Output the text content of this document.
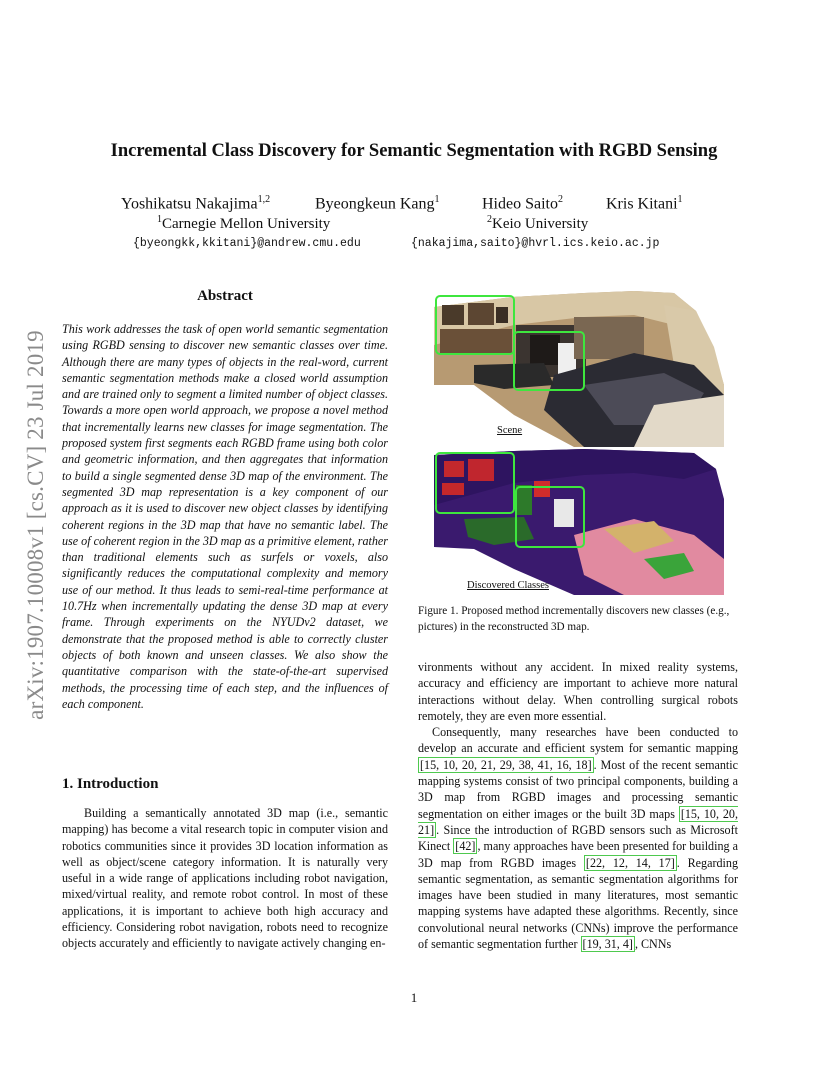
arXiv:1907.10008v1 [cs.CV] 23 Jul 2019
Incremental Class Discovery for Semantic Segmentation with RGBD Sensing
Yoshikatsu Nakajima$^{1,2}$	Byeongkeun Kang$^1$	Hideo Saito$^2$	Kris Kitani$^1$
$^1$Carnegie Mellon University	$^2$Keio University
{byeongkk,kkitani}@andrew.cmu.edu	{nakajima,saito}@hvrl.ics.keio.ac.jp
Abstract
This work addresses the task of open world semantic segmentation using RGBD sensing to discover new semantic classes over time. Although there are many types of objects in the real-word, current semantic segmentation methods make a closed world assumption and are trained only to segment a limited number of object classes. Towards a more open world approach, we propose a novel method that incrementally learns new classes for image segmentation. The proposed system first segments each RGBD frame using both color and geometric information, and then aggregates that information to build a single segmented dense 3D map of the environment. The segmented 3D map representation is a key component of our approach as it is used to discover new object classes by identifying coherent regions in the 3D map that have no semantic label. The use of coherent region in the 3D map as a primitive element, rather than traditional elements such as surfels or voxels, also significantly reduces the computational complexity and memory use of our method. It thus leads to semi-real-time performance at 10.7Hz when incrementally updating the dense 3D map at every frame. Through experiments on the NYUDv2 dataset, we demonstrate that the proposed method is able to correctly cluster objects of both known and unseen classes. We also show the quantitative comparison with the state-of-the-art supervised methods, the processing time of each step, and the influences of each component.
1. Introduction
Building a semantically annotated 3D map (i.e., semantic mapping) has become a vital research topic in computer vision and robotics communities since it provides 3D location information as well as object/scene category information. It is naturally very useful in a wide range of applications including robot navigation, mixed/virtual reality, and remote robot control. In most of these applications, it is important to achieve both high accuracy and efficiency. Considering robot navigation, robots need to recognize objects accurately and efficiently to navigate actively changing en-
Scene
Discovered Classes
Figure 1. Proposed method incrementally discovers new classes (e.g., pictures) in the reconstructed 3D map.

vironments without any accident. In mixed reality systems, accuracy and efficiency are important to achieve more natural interactions without delay. When controlling surgical robots remotely, they are even more essential.

Consequently, many researches have been conducted to develop an accurate and efficient system for semantic mapping [15, 10, 20, 21, 29, 38, 41, 16, 18] . Most of the recent semantic mapping systems consist of two principal components, building a 3D map from RGBD images and processing semantic segmentation on either images or the built 3D maps [15, 10, 20, 21] . Since the introduction of RGBD sensors such as Microsoft Kinect [42] , many approaches have been presented for building a 3D map from RGBD images [22, 12, 14, 17] . Regarding semantic segmentation, as semantic segmentation algorithms for images have been studied in many literatures, most semantic mapping systems have adapted these algorithms. Recently, since convolutional neural networks (CNNs) improve the performance of semantic segmentation further [19, 31, 4] , CNNs

1
